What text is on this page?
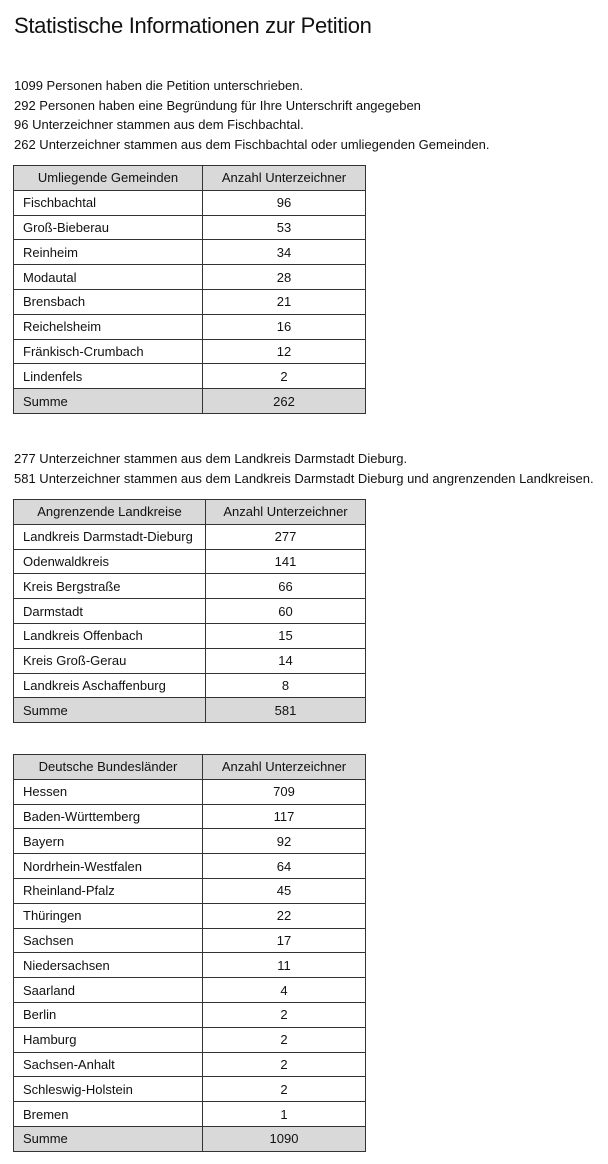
Statistische Informationen zur Petition
1099 Personen haben die Petition unterschrieben.
292 Personen haben eine Begründung für Ihre Unterschrift angegeben
96 Unterzeichner stammen aus dem Fischbachtal.
262 Unterzeichner stammen aus dem Fischbachtal oder umliegenden Gemeinden.
Umliegende Gemeinden	Anzahl Unterzeichner
Fischbachtal	96
Groß-Bieberau	53
Reinheim	34
Modautal	28
Brensbach	21
Reichelsheim	16
Fränkisch-Crumbach	12
Lindenfels	2
Summe	262
277 Unterzeichner stammen aus dem Landkreis Darmstadt Dieburg.
581 Unterzeichner stammen aus dem Landkreis Darmstadt Dieburg und angrenzenden Landkreisen.
Angrenzende Landkreise	Anzahl Unterzeichner
Landkreis Darmstadt-Dieburg	277
Odenwaldkreis	141
Kreis Bergstraße	66
Darmstadt	60
Landkreis Offenbach	15
Kreis Groß-Gerau	14
Landkreis Aschaffenburg	8
Summe	581
Deutsche Bundesländer	Anzahl Unterzeichner
Hessen	709
Baden-Württemberg	117
Bayern	92
Nordrhein-Westfalen	64
Rheinland-Pfalz	45
Thüringen	22
Sachsen	17
Niedersachsen	11
Saarland	4
Berlin	2
Hamburg	2
Sachsen-Anhalt	2
Schleswig-Holstein	2
Bremen	1
Summe	1090
